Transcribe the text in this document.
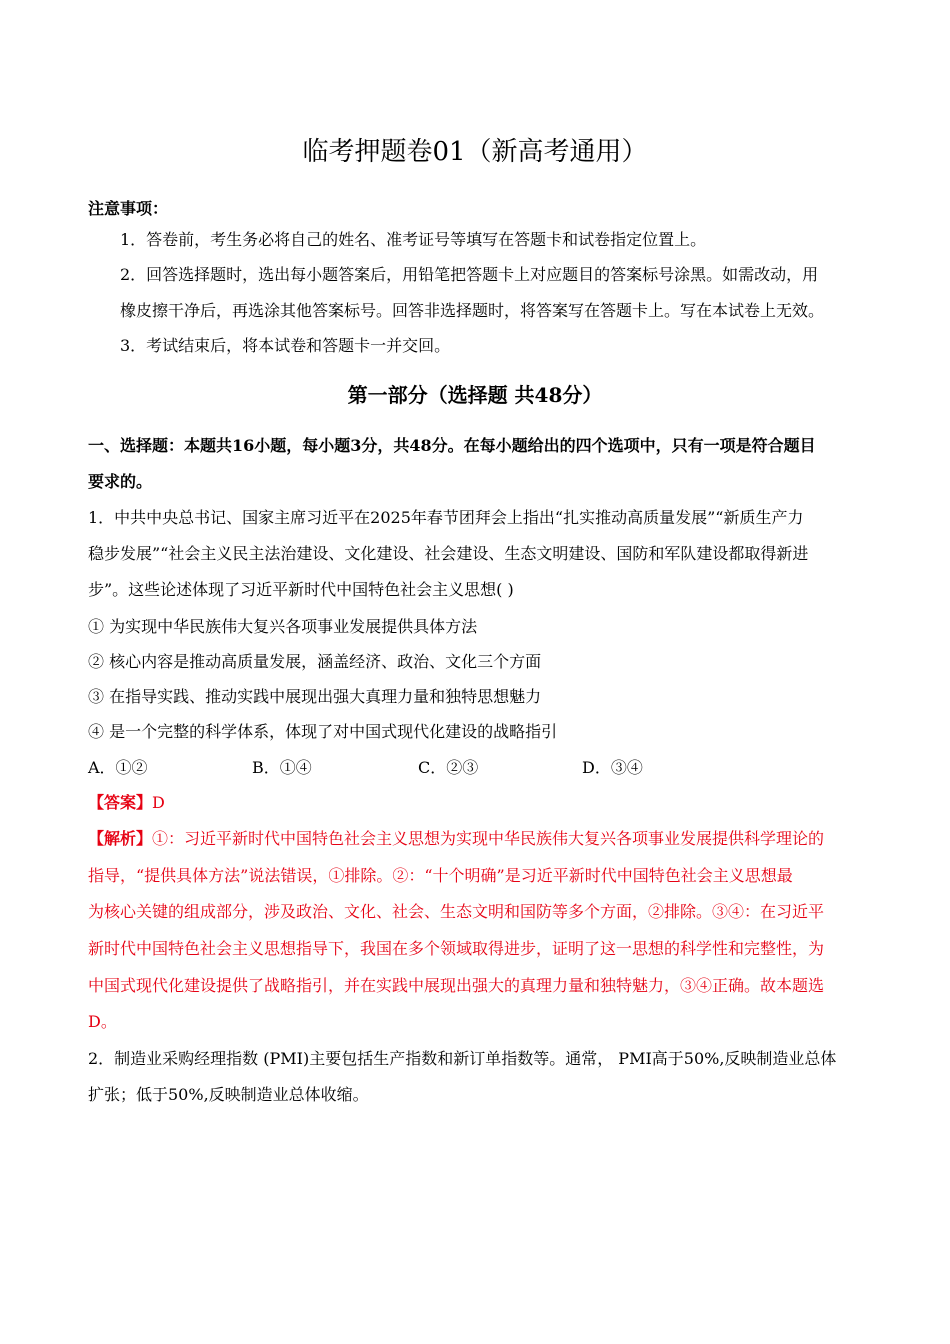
临考押题卷01（新高考通用）
注意事项：
1．答卷前，考生务必将自己的姓名、准考证号等填写在答题卡和试卷指定位置上。
2．回答选择题时，选出每小题答案后，用铅笔把答题卡上对应题目的答案标号涂黑。如需改动，用
橡皮擦干净后，再选涂其他答案标号。回答非选择题时，将答案写在答题卡上。写在本试卷上无效。
3．考试结束后，将本试卷和答题卡一并交回。
第一部分（选择题 共48分）
一、选择题：本题共16小题，每小题3分，共48分。在每小题给出的四个选项中，只有一项是符合题目
要求的。
1．中共中央总书记、国家主席习近平在2025年春节团拜会上指出“扎实推动高质量发展”“新质生产力
稳步发展”“社会主义民主法治建设、文化建设、社会建设、生态文明建设、国防和军队建设都取得新进
步”。这些论述体现了习近平新时代中国特色社会主义思想( )
① 为实现中华民族伟大复兴各项事业发展提供具体方法
② 核心内容是推动高质量发展，涵盖经济、政治、文化三个方面
③ 在指导实践、推动实践中展现出强大真理力量和独特思想魅力
④ 是一个完整的科学体系，体现了对中国式现代化建设的战略指引
A．①②	B．①④	C．②③	D．③④
【答案】D
【解析】①：习近平新时代中国特色社会主义思想为实现中华民族伟大复兴各项事业发展提供科学理论的
指导，“提供具体方法”说法错误，①排除。②：“十个明确”是习近平新时代中国特色社会主义思想最
为核心关键的组成部分，涉及政治、文化、社会、生态文明和国防等多个方面，②排除。③④：在习近平
新时代中国特色社会主义思想指导下，我国在多个领域取得进步，证明了这一思想的科学性和完整性，为
中国式现代化建设提供了战略指引，并在实践中展现出强大的真理力量和独特魅力，③④正确。故本题选
D。
2．制造业采购经理指数 (PMI)主要包括生产指数和新订单指数等。通常， PMI高于50%,反映制造业总体
扩张；低于50%,反映制造业总体收缩。
